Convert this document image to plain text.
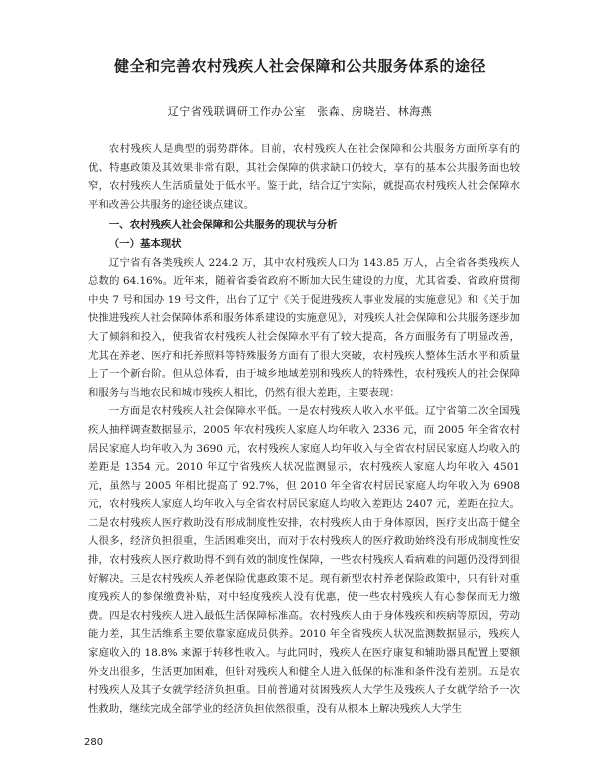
健全和完善农村残疾人社会保障和公共服务体系的途径
辽宁省残联调研工作办公室　张森、房晓岩、林海燕

农村残疾人是典型的弱势群体。目前，农村残疾人在社会保障和公共服务方面所享有的优、特惠政策及其效果非常有限，其社会保障的供求缺口仍较大，享有的基本公共服务面也较窄，农村残疾人生活质量处于低水平。鉴于此，结合辽宁实际，就提高农村残疾人社会保障水平和改善公共服务的途径谈点建议。

一、农村残疾人社会保障和公共服务的现状与分析

（一）基本现状

辽宁省有各类残疾人 224.2 万，其中农村残疾人口为 143.85 万人，占全省各类残疾人总数的 64.16%。近年来，随着省委省政府不断加大民生建设的力度，尤其省委、省政府贯彻中央 7 号和国办 19 号文件，出台了辽宁《关于促进残疾人事业发展的实施意见》和《关于加快推进残疾人社会保障体系和服务体系建设的实施意见》，对残疾人社会保障和公共服务逐步加大了倾斜和投入，使我省农村残疾人社会保障水平有了较大提高，各方面服务有了明显改善，尤其在养老、医疗和托养照料等特殊服务方面有了很大突破，农村残疾人整体生活水平和质量上了一个新台阶。但从总体看，由于城乡地域差别和残疾人的特殊性，农村残疾人的社会保障和服务与当地农民和城市残疾人相比，仍然有很大差距，主要表现：

一方面是农村残疾人社会保障水平低。一是农村残疾人收入水平低。辽宁省第二次全国残疾人抽样调查数据显示，2005 年农村残疾人家庭人均年收入 2336 元，而 2005 年全省农村居民家庭人均年收入为 3690 元，农村残疾人家庭人均年收入与全省农村居民家庭人均收入的差距是 1354 元。2010 年辽宁省残疾人状况监测显示，农村残疾人家庭人均年收入 4501 元，虽然与 2005 年相比提高了 92.7%，但 2010 年全省农村居民家庭人均年收入为 6908 元，农村残疾人家庭人均年收入与全省农村居民家庭人均收入差距达 2407 元，差距在拉大。二是农村残疾人医疗救助没有形成制度性安排，农村残疾人由于身体原因，医疗支出高于健全人很多，经济负担很重，生活困难突出，而对于农村残疾人的医疗救助始终没有形成制度性安排，农村残疾人医疗救助得不到有效的制度性保障，一些农村残疾人看病难的问题仍没得到很好解决。三是农村残疾人养老保险优惠政策不足。现有新型农村养老保险政策中，只有针对重度残疾人的参保缴费补贴，对中轻度残疾人没有优惠，使一些农村残疾人有心参保而无力缴费。四是农村残疾人进入最低生活保障标准高。农村残疾人由于身体残疾和疾病等原因，劳动能力差，其生活维系主要依靠家庭成员供养。2010 年全省残疾人状况监测数据显示，残疾人家庭收入的 18.8% 来源于转移性收入。与此同时，残疾人在医疗康复和辅助器具配置上要额外支出很多，生活更加困难，但针对残疾人和健全人进入低保的标准和条件没有差别。五是农村残疾人及其子女就学经济负担重。目前普通对贫困残疾人大学生及残疾人子女就学给予一次性救助，继续完成全部学业的经济负担依然很重，没有从根本上解决残疾人大学生

280
